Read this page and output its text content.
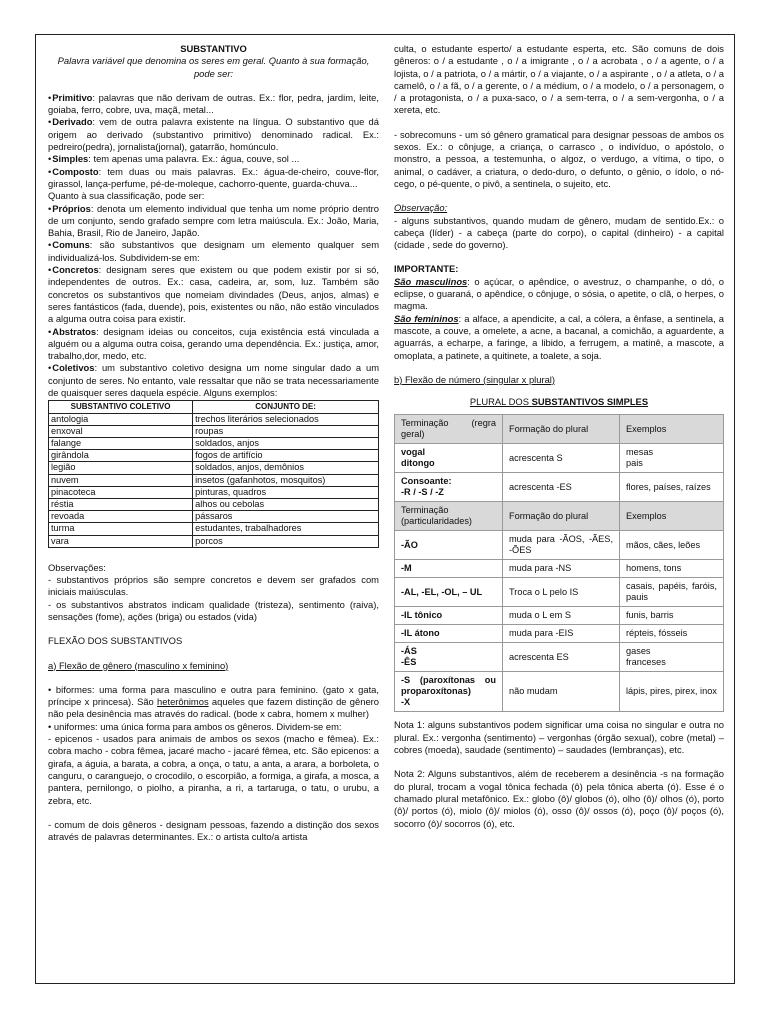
SUBSTANTIVO

Palavra variável que denomina os seres em geral. Quanto à sua formação, pode ser:

• Primitivo: palavras que não derivam de outras. Ex.: flor, pedra, jardim, leite, goiaba, ferro, cobre, uva, maçã, metal...

• Derivado: vem de outra palavra existente na língua. O substantivo que dá origem ao derivado (substantivo primitivo) denominado radical. Ex.: pedreiro(pedra), jornalista(jornal), gatarrão, homúnculo.

• Simples: tem apenas uma palavra. Ex.: água, couve, sol ...

• Composto: tem duas ou mais palavras. Ex.: água-de-cheiro, couve-flor, girassol, lança-perfume, pé-de-moleque, cachorro-quente, guarda-chuva...

Quanto à sua classificação, pode ser:

• Próprios: denota um elemento individual que tenha um nome próprio dentro de um conjunto, sendo grafado sempre com letra maiúscula. Ex.: João, Maria, Bahia, Brasil, Rio de Janeiro, Japão.

• Comuns: são substantivos que designam um elemento qualquer sem individualizá-los. Subdividem-se em:

• Concretos: designam seres que existem ou que podem existir por si só, independentes de outros. Ex.: casa, cadeira, ar, som, luz. Também são concretos os substantivos que nomeiam divindades (Deus, anjos, almas) e seres fantásticos (fada, duende), pois, existentes ou não, não estão vinculados a alguma outra coisa para existir.

• Abstratos: designam ideias ou conceitos, cuja existência está vinculada a alguém ou a alguma outra coisa, gerando uma dependência. Ex.: justiça, amor, trabalho,dor, medo, etc.

• Coletivos: um substantivo coletivo designa um nome singular dado a um conjunto de seres. No entanto, vale ressaltar que não se trata necessariamente de quaisquer seres daquela espécie. Alguns exemplos:

SUBSTANTIVO COLETIVO	CONJUNTO DE:
antologia	trechos literários selecionados
enxoval	roupas
falange	soldados, anjos
girândola	fogos de artifício
legião	soldados, anjos, demônios
nuvem	insetos (gafanhotos, mosquitos)
pinacoteca	pinturas, quadros
réstia	alhos ou cebolas
revoada	pássaros
turma	estudantes, trabalhadores
vara	porcos

Observações:

- substantivos próprios são sempre concretos e devem ser grafados com iniciais maiúsculas.

- os substantivos abstratos indicam qualidade (tristeza), sentimento (raiva), sensações (fome), ações (briga) ou estados (vida)

FLEXÃO DOS SUBSTANTIVOS

a) Flexão de gênero (masculino x feminino)

• biformes: uma forma para masculino e outra para feminino. (gato x gata, príncipe x princesa). São heterônimos aqueles que fazem distinção de gênero não pela desinência mas através do radical. (bode x cabra, homem x mulher)

• uniformes: uma única forma para ambos os gêneros. Dividem-se em:

- epicenos - usados para animais de ambos os sexos (macho e fêmea). Ex.: cobra macho - cobra fêmea, jacaré macho - jacaré fêmea, etc. São epicenos: a girafa, a águia, a barata, a cobra, a onça, o tatu, a anta, a arara, a borboleta, o canguru, o caranguejo, o crocodilo, o escorpião, a formiga, a girafa, a mosca, a pantera, pernilongo, o piolho, a piranha, a ri, a tartaruga, o tatu, o urubu, a zebra, etc.

- comum de dois gêneros - designam pessoas, fazendo a distinção dos sexos através de palavras determinantes. Ex.: o artista culto/a artista

culta, o estudante esperto/ a estudante esperta, etc. São comuns de dois gêneros: o / a estudante , o / a imigrante , o / a acrobata , o / a agente, o / a lojista, o / a patriota, o / a mártir, o / a viajante, o / a aspirante , o / a atleta, o / a camelô, o / a fã, o / a gerente, o / a médium, o / a modelo, o / a personagem, o / a protagonista, o / a puxa-saco, o / a sem-terra, o / a sem-vergonha, o / a xereta, etc.

- sobrecomuns - um só gênero gramatical para designar pessoas de ambos os sexos. Ex.: o cônjuge, a criança, o carrasco , o indivíduo, o apóstolo, o monstro, a pessoa, a testemunha, o algoz, o verdugo, a vítima, o tipo, o animal, o cadáver, a criatura, o dedo-duro, o defunto, o gênio, o ídolo, o nó-cego, o pé-quente, o pivô, a sentinela, o sujeito, etc.

Observação:

- alguns substantivos, quando mudam de gênero, mudam de sentido.Ex.: o cabeça (líder) - a cabeça (parte do corpo), o capital (dinheiro) - a capital (cidade , sede do governo).

IMPORTANTE:

São masculinos: o açúcar, o apêndice, o avestruz, o champanhe, o dó, o eclipse, o guaraná, o apêndice, o cônjuge, o sósia, o apetite, o clã, o herpes, o magma.

São femininos: a alface, a apendicite, a cal, a cólera, a ênfase, a sentinela, a mascote, a couve, a omelete, a acne, a bacanal, a comichão, a aguardente, a aguarrás, a echarpe, a faringe, a libido, a ferrugem, a matinê, a mascote, a omoplata, a patinete, a quitinete, a toalete, a soja.

b) Flexão de número (singular x plural)

PLURAL DOS SUBSTANTIVOS SIMPLES

Terminação (regra geral)	Formação do plural	Exemplos
vogal
ditongo	acrescenta S	mesas
pais
Consoante:
-R / -S / -Z	acrescenta -ES	flores, países, raízes
Terminação (particularidades)	Formação do plural	Exemplos
-ÃO	muda para -ÃOS, -ÃES, -ÕES	mãos, cães, leões
-M	muda para -NS	homens, tons
-AL, -EL, -OL, – UL	Troca o L pelo IS	casais, papéis, faróis, pauis
-IL tônico	muda o L em S	funis, barris
-IL átono	muda para -EIS	répteis, fósseis
-ÁS
-ÊS	acrescenta ES	gases
franceses
-S (paroxítonas ou proparoxítonas)
-X	não mudam	lápis, pires, pirex, inox

Nota 1: alguns substantivos podem significar uma coisa no singular e outra no plural. Ex.: vergonha (sentimento) – vergonhas (órgão sexual), cobre (metal) – cobres (moeda), saudade (sentimento) – saudades (lembranças), etc.

Nota 2: Alguns substantivos, além de receberem a desinência -s na formação do plural, trocam a vogal tônica fechada (ô) pela tônica aberta (ó). Esse é o chamado plural metafônico. Ex.: globo (ô)/ globos (ó), olho (ô)/ olhos (ó), porto (ô)/ portos (ó), miolo (ô)/ miolos (ó), osso (ô)/ ossos (ó), poço (ô)/ poços (ó), socorro (ô)/ socorros (ó), etc.
